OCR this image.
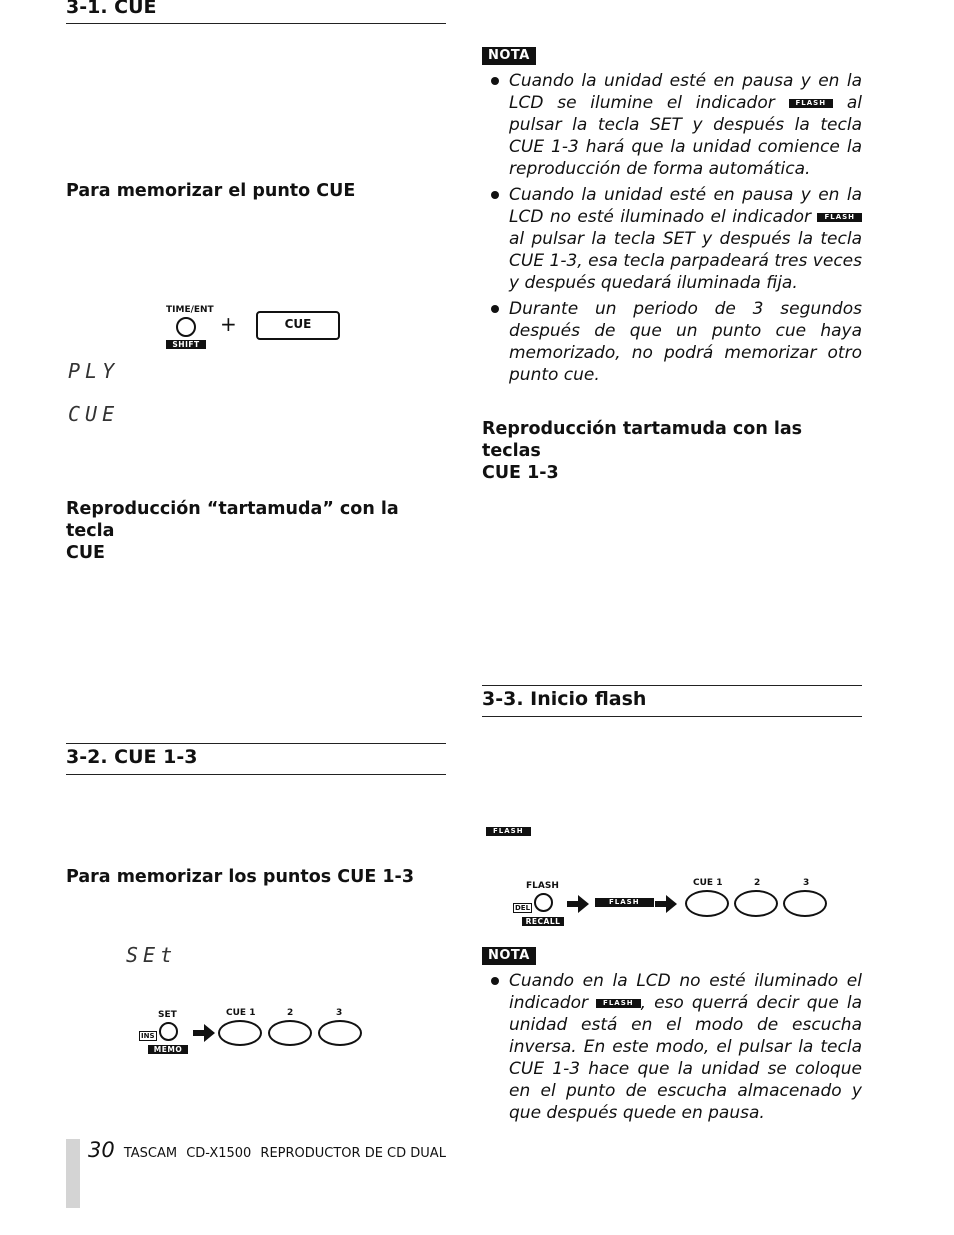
3-1. CUE
Para memorizar el punto CUE
TIME/ENT
SHIFT
+	CUE
PLY
CUE
Reproducción “tartamuda” con la tecla
CUE
3-2. CUE 1-3
Para memorizar los puntos CUE 1-3
SEt
SET
INS
MEMO
CUE 1	2	3
30 TASCAM CD-X1500 REPRODUCTOR DE CD DUAL
NOTA
Cuando la unidad esté en pausa y en la LCD se ilumine el indicador	FLASH al pulsar la tecla SET y después la tecla CUE 1-3 hará que la unidad comience la reproducción de forma automática.
Cuando la unidad esté en pausa y en la LCD no esté iluminado el indicador FLASH al pulsar la tecla SET y después la tecla CUE 1-3, esa tecla parpadeará tres veces y después quedará iluminada fija.
Durante un periodo de 3 segundos después de que un punto cue haya memorizado, no podrá memorizar otro punto cue.
Reproducción tartamuda con las teclas
CUE 1-3
3-3. Inicio flash
FLASH
FLASH
DEL
RECALL
FLASH
CUE 1	2	3
NOTA
Cuando en la LCD no esté iluminado el indicador FLASH , eso querrá decir que la unidad está en el modo de escucha inversa. En este modo, el pulsar la tecla CUE 1-3 hace que la unidad se coloque en el punto de escucha almacenado y que después quede en pausa.
